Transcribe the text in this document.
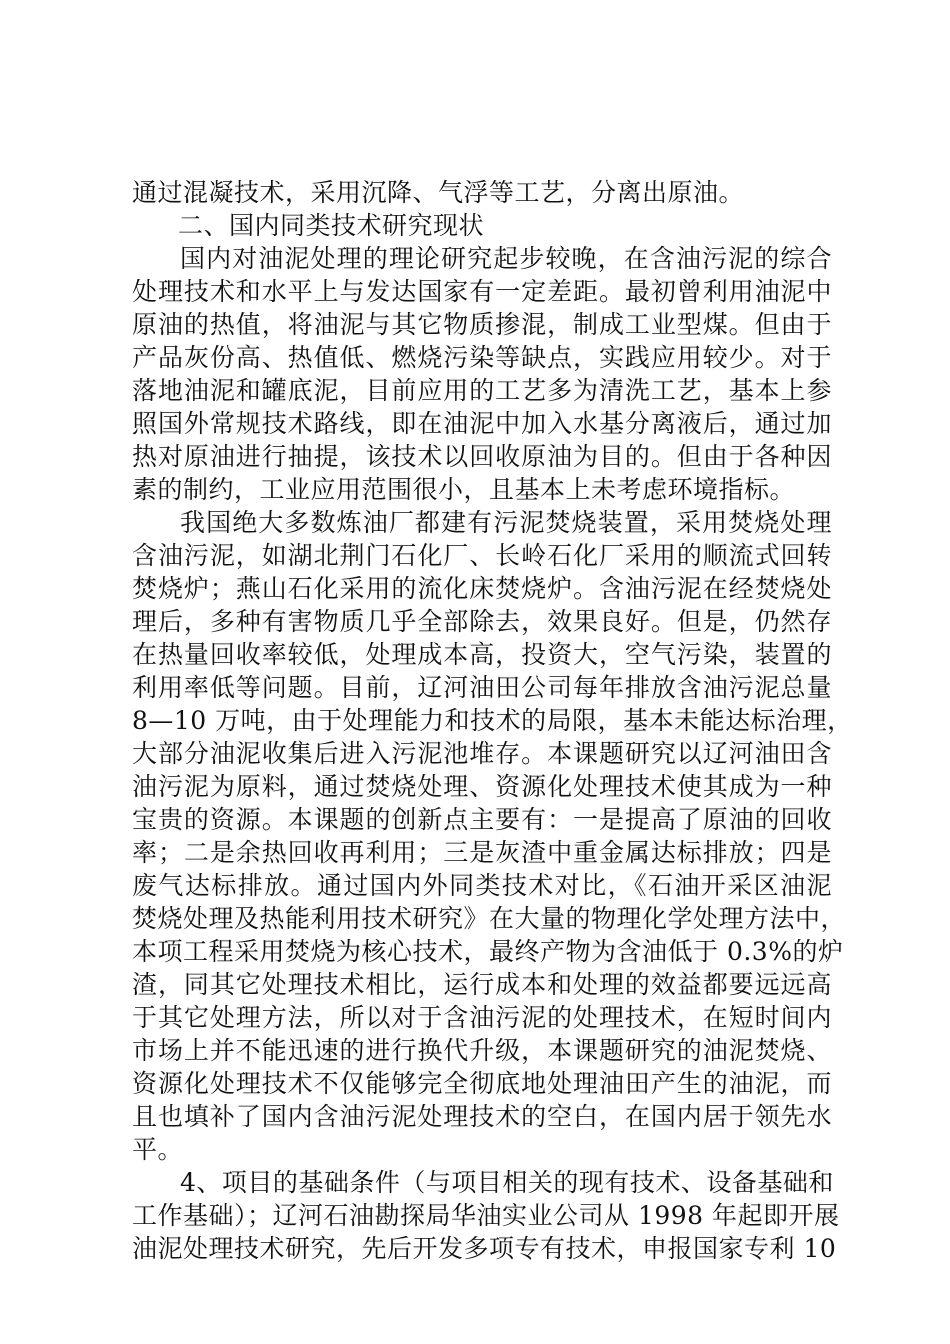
通过混凝技术，采用沉降、气浮等工艺，分离出原油。
二、国内同类技术研究现状
国内对油泥处理的理论研究起步较晚，在含油污泥的综合
处理技术和水平上与发达国家有一定差距。最初曾利用油泥中
原油的热值，将油泥与其它物质掺混，制成工业型煤。但由于
产品灰份高、热值低、燃烧污染等缺点，实践应用较少。对于
落地油泥和罐底泥，目前应用的工艺多为清洗工艺，基本上参
照国外常规技术路线，即在油泥中加入水基分离液后，通过加
热对原油进行抽提，该技术以回收原油为目的。但由于各种因
素的制约，工业应用范围很小，且基本上未考虑环境指标。
我国绝大多数炼油厂都建有污泥焚烧装置，采用焚烧处理
含油污泥，如湖北荆门石化厂、长岭石化厂采用的顺流式回转
焚烧炉；燕山石化采用的流化床焚烧炉。含油污泥在经焚烧处
理后，多种有害物质几乎全部除去，效果良好。但是，仍然存
在热量回收率较低，处理成本高，投资大，空气污染，装置的
利用率低等问题。目前，辽河油田公司每年排放含油污泥总量
8—10 万吨，由于处理能力和技术的局限，基本未能达标治理，
大部分油泥收集后进入污泥池堆存。本课题研究以辽河油田含
油污泥为原料，通过焚烧处理、资源化处理技术使其成为一种
宝贵的资源。本课题的创新点主要有：一是提高了原油的回收
率；二是余热回收再利用；三是灰渣中重金属达标排放；四是
废气达标排放。通过国内外同类技术对比，《石油开采区油泥
焚烧处理及热能利用技术研究》在大量的物理化学处理方法中，
本项工程采用焚烧为核心技术，最终产物为含油低于 0.3%的炉
渣，同其它处理技术相比，运行成本和处理的效益都要远远高
于其它处理方法，所以对于含油污泥的处理技术，在短时间内
市场上并不能迅速的进行换代升级，本课题研究的油泥焚烧、
资源化处理技术不仅能够完全彻底地处理油田产生的油泥，而
且也填补了国内含油污泥处理技术的空白，在国内居于领先水
平。
4、项目的基础条件（与项目相关的现有技术、设备基础和
工作基础）；辽河石油勘探局华油实业公司从 1998 年起即开展
油泥处理技术研究，先后开发多项专有技术，申报国家专利 10
